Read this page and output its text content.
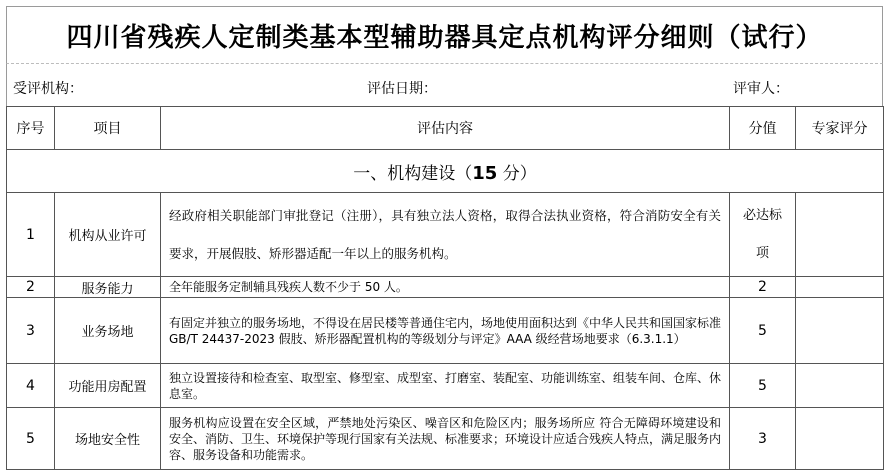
四川省残疾人定制类基本型辅助器具定点机构评分细则（试行）
受评机构：	评估日期：	评审人：
序号	项目	评估内容	分值	专家评分
一、机构建设（15 分）				
1	机构从业许可	经政府相关职能部门审批登记（注册），具有独立法人资格，取得合法执业资格，符合消防安全有关要求，开展假肢、矫形器适配一年以上的服务机构。	必达标
项	

2	服务能力	全年能服务定制辅具残疾人数不少于 50 人。	2	
3	业务场地	有固定并独立的服务场地，不得设在居民楼等普通住宅内，场地使用面积达到《中华人民共和国国家标准 GB/T 24437-2023 假肢、矫形器配置机构的等级划分与评定》AAA 级经营场地要求（6.3.1.1）	5	
4	功能用房配置	独立设置接待和检查室、取型室、修型室、成型室、打磨室、装配室、功能训练室、组装车间、仓库、休息室。	5	
5	场地安全性	服务机构应设置在安全区域，严禁地处污染区、噪音区和危险区内；服务场所应 符合无障碍环境建设和安全、消防、卫生、环境保护等现行国家有关法规、标准要求；环境设计应适合残疾人特点，满足服务内容、服务设备和功能需求。	3	
